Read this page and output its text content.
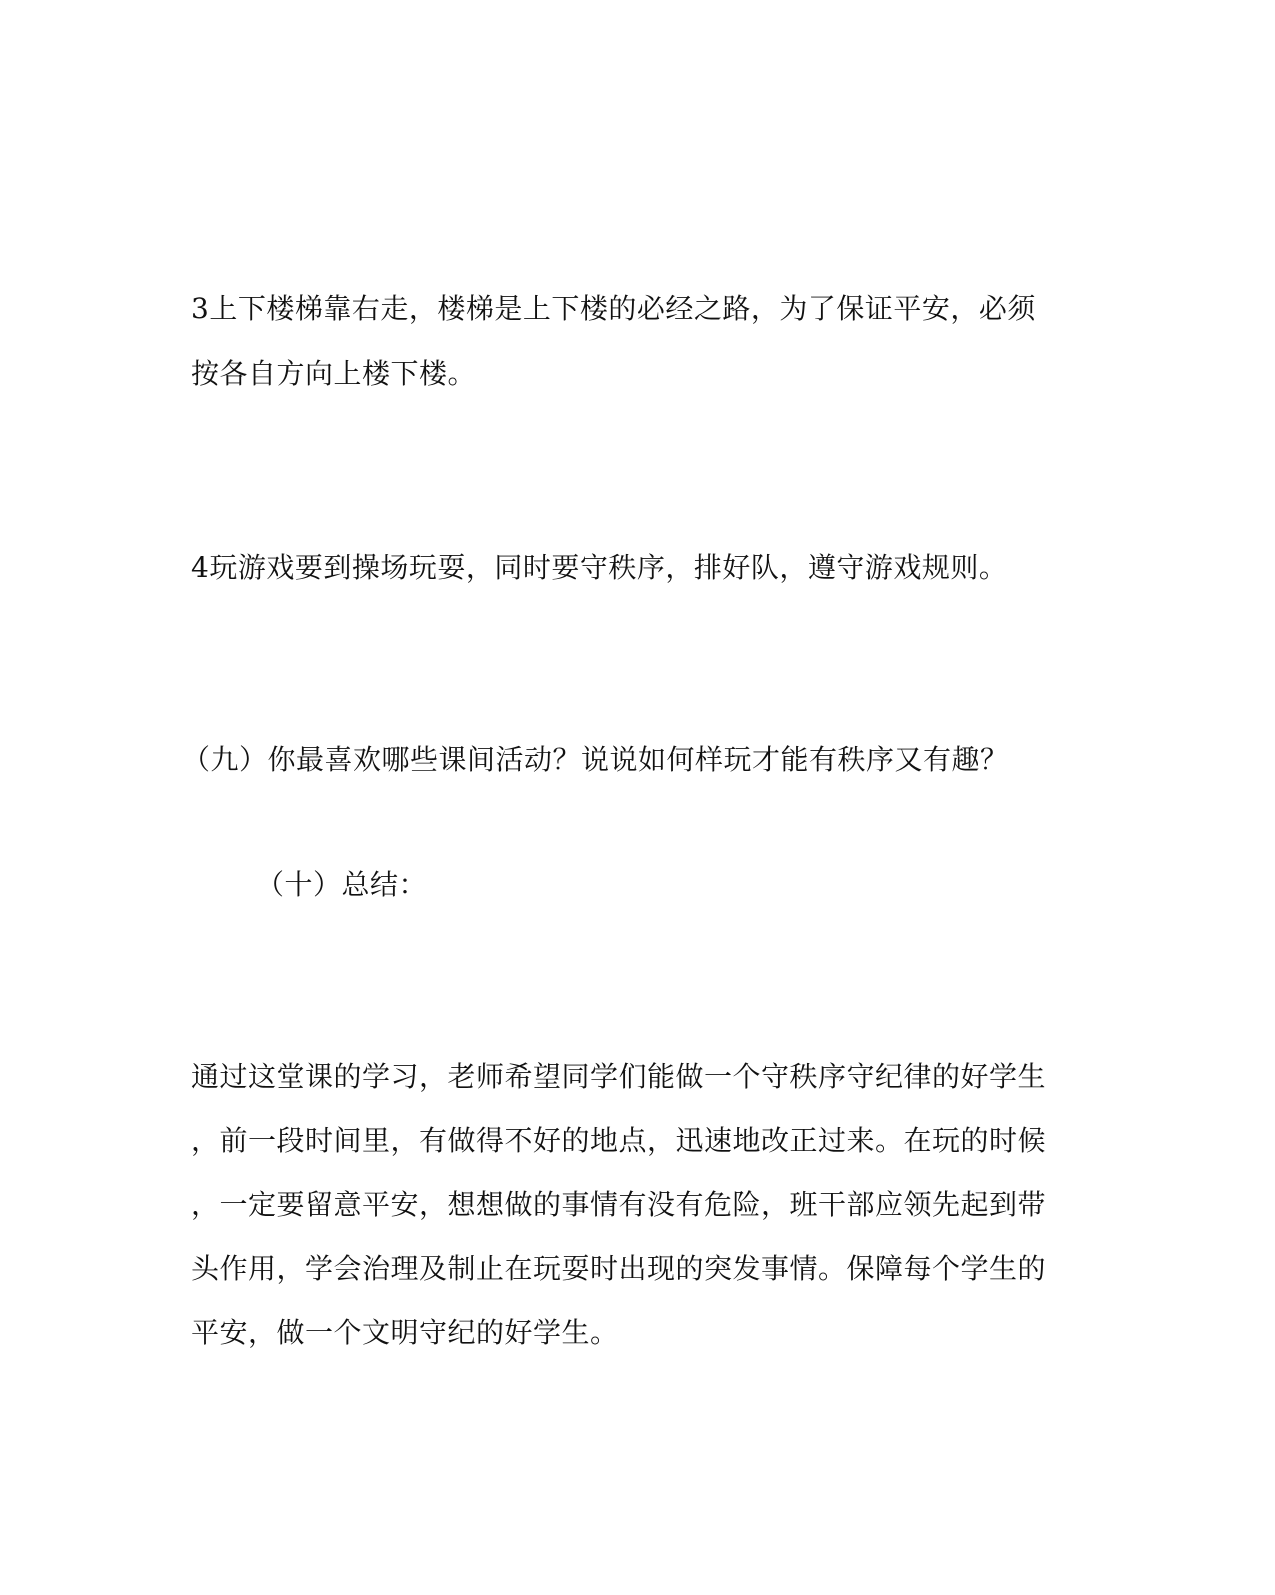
3上下楼梯靠右走，楼梯是上下楼的必经之路，为了保证平安，必须
按各自方向上楼下楼。
4玩游戏要到操场玩耍，同时要守秩序，排好队，遵守游戏规则。
（九）你最喜欢哪些课间活动？说说如何样玩才能有秩序又有趣？
（十）总结：
通过这堂课的学习，老师希望同学们能做一个守秩序守纪律的好学生
，前一段时间里，有做得不好的地点，迅速地改正过来。在玩的时候
，一定要留意平安，想想做的事情有没有危险，班干部应领先起到带
头作用，学会治理及制止在玩耍时出现的突发事情。保障每个学生的
平安，做一个文明守纪的好学生。
